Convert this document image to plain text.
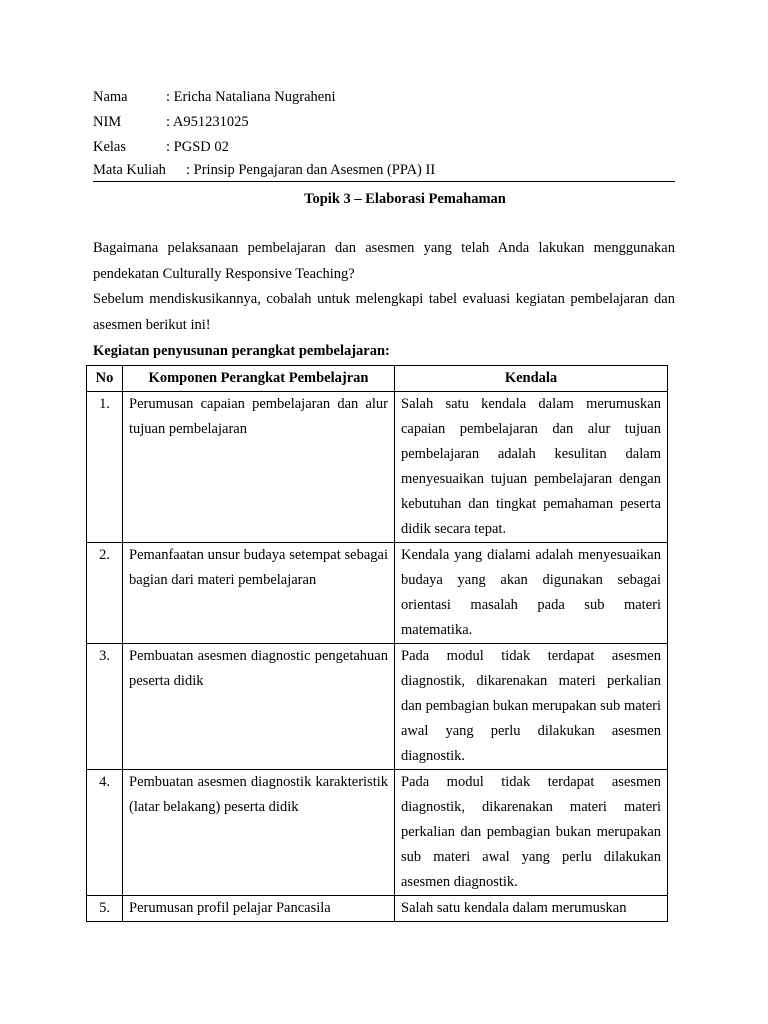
Nama	: Ericha Nataliana Nugraheni
NIM	: A951231025
Kelas	: PGSD 02
Mata Kuliah : Prinsip Pengajaran dan Asesmen (PPA) II
Topik 3 – Elaborasi Pemahaman

Bagaimana pelaksanaan pembelajaran dan asesmen yang telah Anda lakukan menggunakan pendekatan Culturally Responsive Teaching?

Sebelum mendiskusikannya, cobalah untuk melengkapi tabel evaluasi kegiatan pembelajaran dan asesmen berikut ini!

Kegiatan penyusunan perangkat pembelajaran:
No	Komponen Perangkat Pembelajran	Kendala
1.	Perumusan capaian pembelajaran dan alur tujuan pembelajaran	Salah satu kendala dalam merumuskan capaian pembelajaran dan alur tujuan pembelajaran adalah kesulitan dalam menyesuaikan tujuan pembelajaran dengan kebutuhan dan tingkat pemahaman peserta didik secara tepat.
2.	Pemanfaatan unsur budaya setempat sebagai bagian dari materi pembelajaran	Kendala yang dialami adalah menyesuaikan budaya yang akan digunakan sebagai orientasi masalah pada sub materi matematika.
3.	Pembuatan asesmen diagnostic pengetahuan peserta didik	Pada modul tidak terdapat asesmen diagnostik, dikarenakan materi perkalian dan pembagian bukan merupakan sub materi awal yang perlu dilakukan asesmen diagnostik.
4.	Pembuatan asesmen diagnostik karakteristik (latar belakang) peserta didik	Pada modul tidak terdapat asesmen diagnostik, dikarenakan materi materi perkalian dan pembagian bukan merupakan sub materi awal yang perlu dilakukan asesmen diagnostik.
5.	Perumusan profil pelajar Pancasila	Salah satu kendala dalam merumuskan
